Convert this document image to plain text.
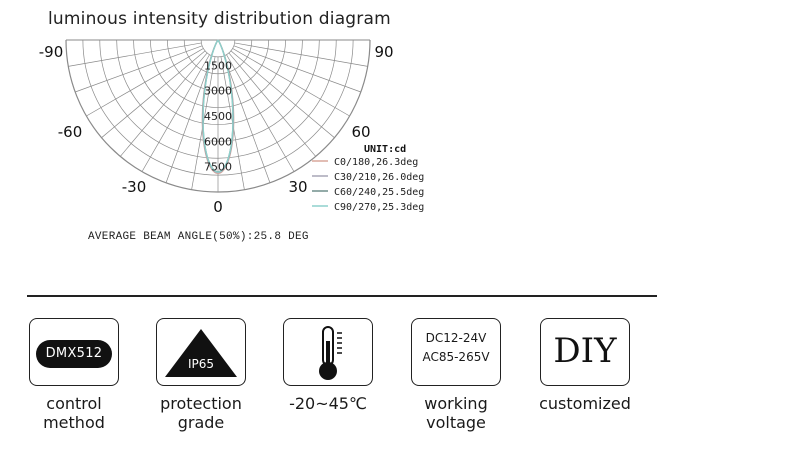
luminous intensity distribution diagram
1500
3000
4500
6000
7500
-90	90
-60	60
-30	30
0
UNIT:cd
C0/180,26.3deg
C30/210,26.0deg
C60/240,25.5deg
C90/270,25.3deg
AVERAGE BEAM ANGLE(50%):25.8 DEG
DMX512
control
method
IP65
protection
grade
-20~45℃
DC12-24V
AC85-265V
working
voltage
DIY
customized
